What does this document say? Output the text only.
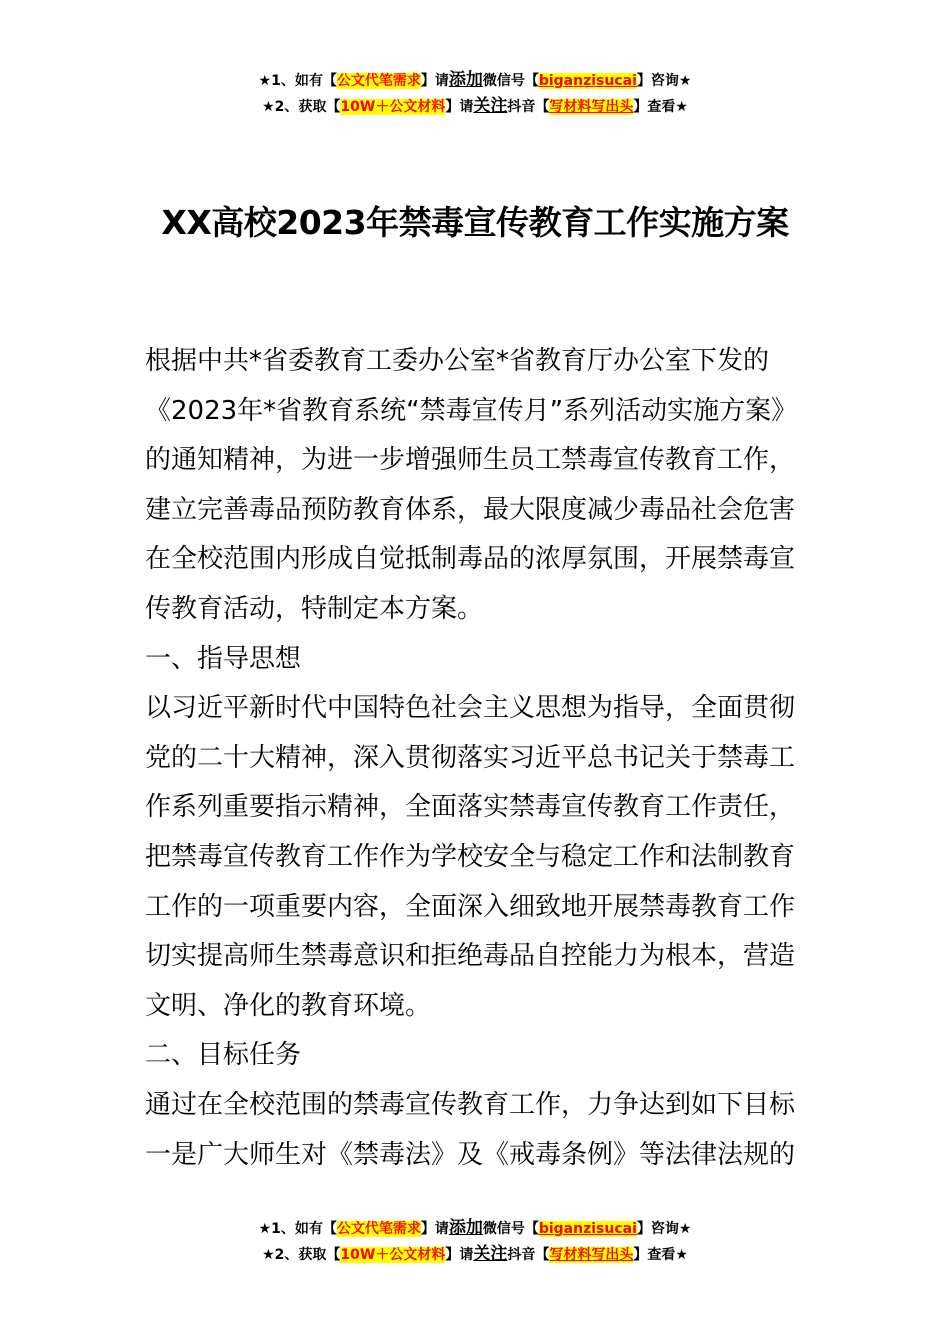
★1、如有【公文代笔需求】请添加微信号【biganzisucai】咨询★
★2、获取【10W＋公文材料】请关注抖音【写材料写出头】查看★
XX高校2023年禁毒宣传教育工作实施方案
根据中共*省委教育工委办公室*省教育厅办公室下发的
《2023年*省教育系统“禁毒宣传月”系列活动实施方案》
的通知精神，为进一步增强师生员工禁毒宣传教育工作，
建立完善毒品预防教育体系，最大限度减少毒品社会危害
在全校范围内形成自觉抵制毒品的浓厚氛围，开展禁毒宣
传教育活动，特制定本方案。
一、指导思想
以习近平新时代中国特色社会主义思想为指导，全面贯彻
党的二十大精神，深入贯彻落实习近平总书记关于禁毒工
作系列重要指示精神，全面落实禁毒宣传教育工作责任，
把禁毒宣传教育工作作为学校安全与稳定工作和法制教育
工作的一项重要内容，全面深入细致地开展禁毒教育工作
切实提高师生禁毒意识和拒绝毒品自控能力为根本，营造
文明、净化的教育环境。
二、目标任务
通过在全校范围的禁毒宣传教育工作，力争达到如下目标
一是广大师生对《禁毒法》及《戒毒条例》等法律法规的
★1、如有【公文代笔需求】请添加微信号【biganzisucai】咨询★
★2、获取【10W＋公文材料】请关注抖音【写材料写出头】查看★
